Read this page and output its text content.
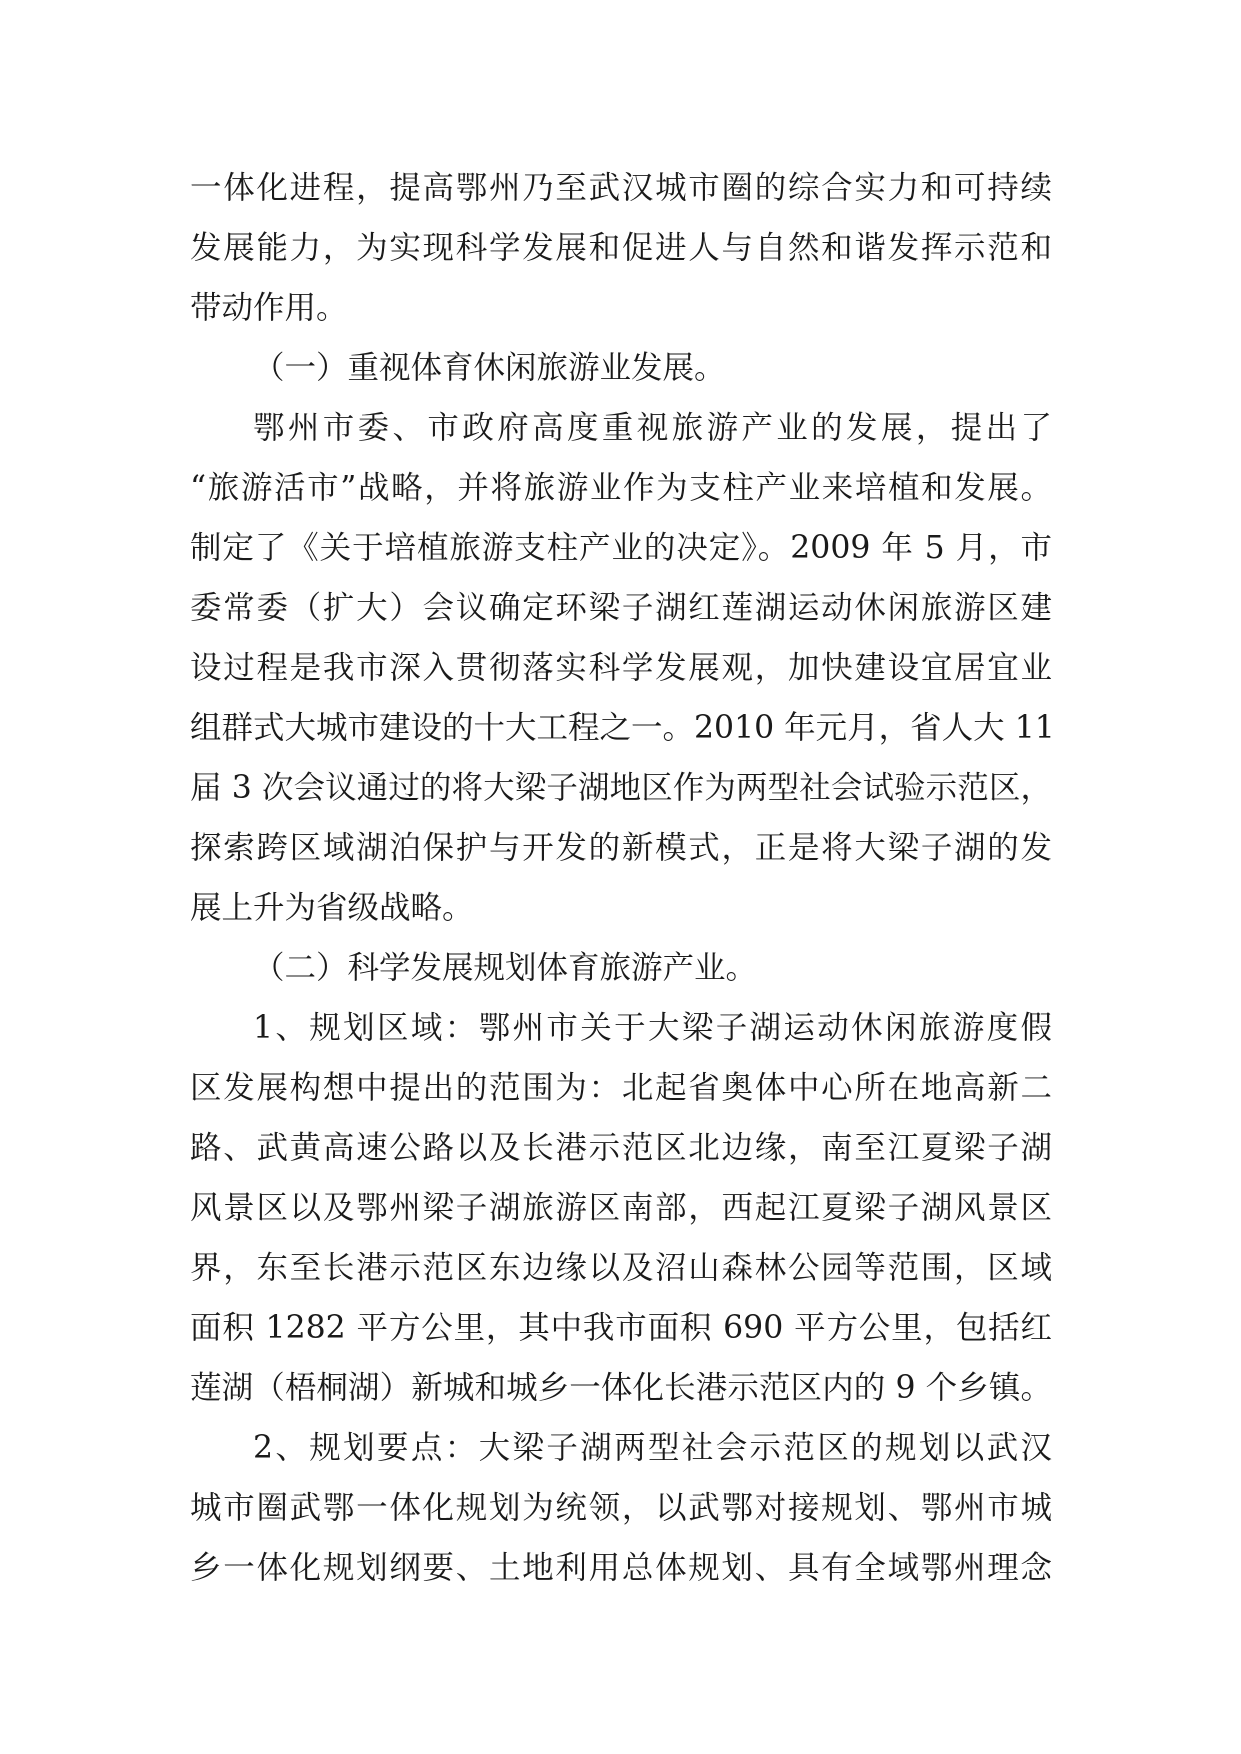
一体化进程，提高鄂州乃至武汉城市圈的综合实力和可持续
发展能力，为实现科学发展和促进人与自然和谐发挥示范和
带动作用。
（一）重视体育休闲旅游业发展。
鄂州市委、市政府高度重视旅游产业的发展，提出了
“旅游活市”战略，并将旅游业作为支柱产业来培植和发展。
制定了《关于培植旅游支柱产业的决定》。2009 年 5 月，市
委常委（扩大）会议确定环梁子湖红莲湖运动休闲旅游区建
设过程是我市深入贯彻落实科学发展观，加快建设宜居宜业
组群式大城市建设的十大工程之一。2010 年元月，省人大 11
届 3 次会议通过的将大梁子湖地区作为两型社会试验示范区，
探索跨区域湖泊保护与开发的新模式，正是将大梁子湖的发
展上升为省级战略。
（二）科学发展规划体育旅游产业。
1、规划区域：鄂州市关于大梁子湖运动休闲旅游度假
区发展构想中提出的范围为：北起省奥体中心所在地高新二
路、武黄高速公路以及长港示范区北边缘，南至江夏梁子湖
风景区以及鄂州梁子湖旅游区南部，西起江夏梁子湖风景区
界，东至长港示范区东边缘以及沼山森林公园等范围，区域
面积 1282 平方公里，其中我市面积 690 平方公里，包括红
莲湖（梧桐湖）新城和城乡一体化长港示范区内的 9 个乡镇。
2、规划要点：大梁子湖两型社会示范区的规划以武汉
城市圈武鄂一体化规划为统领，以武鄂对接规划、鄂州市城
乡一体化规划纲要、土地利用总体规划、具有全域鄂州理念
